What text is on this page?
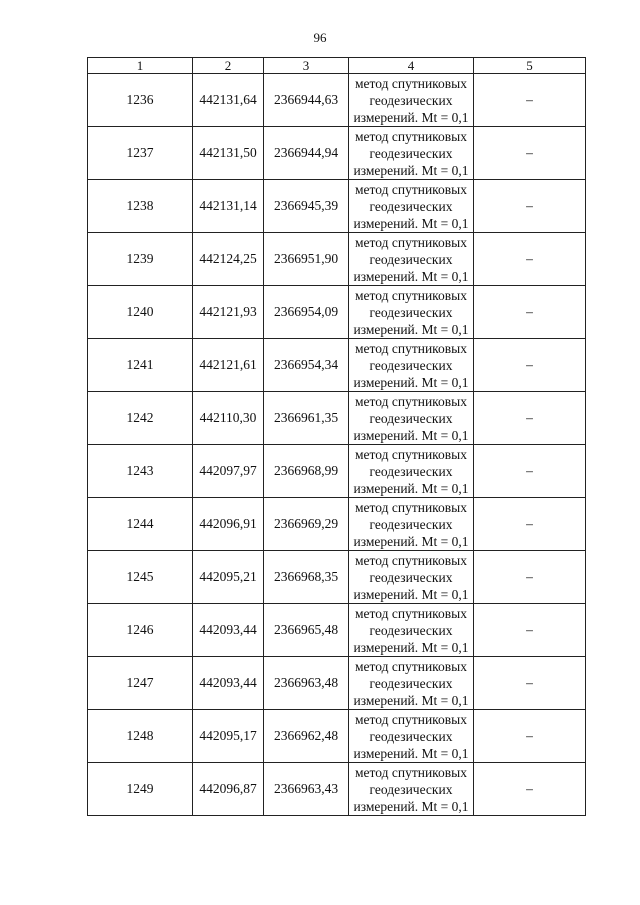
96
1	2	3	4	5
1236	442131,64	2366944,63	метод спутниковых
геодезических
измерений. Mt = 0,1	–
1237	442131,50	2366944,94	метод спутниковых
геодезических
измерений. Mt = 0,1	–
1238	442131,14	2366945,39	метод спутниковых
геодезических
измерений. Mt = 0,1	–
1239	442124,25	2366951,90	метод спутниковых
геодезических
измерений. Mt = 0,1	–
1240	442121,93	2366954,09	метод спутниковых
геодезических
измерений. Mt = 0,1	–
1241	442121,61	2366954,34	метод спутниковых
геодезических
измерений. Mt = 0,1	–
1242	442110,30	2366961,35	метод спутниковых
геодезических
измерений. Mt = 0,1	–
1243	442097,97	2366968,99	метод спутниковых
геодезических
измерений. Mt = 0,1	–
1244	442096,91	2366969,29	метод спутниковых
геодезических
измерений. Mt = 0,1	–
1245	442095,21	2366968,35	метод спутниковых
геодезических
измерений. Mt = 0,1	–
1246	442093,44	2366965,48	метод спутниковых
геодезических
измерений. Mt = 0,1	–
1247	442093,44	2366963,48	метод спутниковых
геодезических
измерений. Mt = 0,1	–
1248	442095,17	2366962,48	метод спутниковых
геодезических
измерений. Mt = 0,1	–
1249	442096,87	2366963,43	метод спутниковых
геодезических
измерений. Mt = 0,1	–
